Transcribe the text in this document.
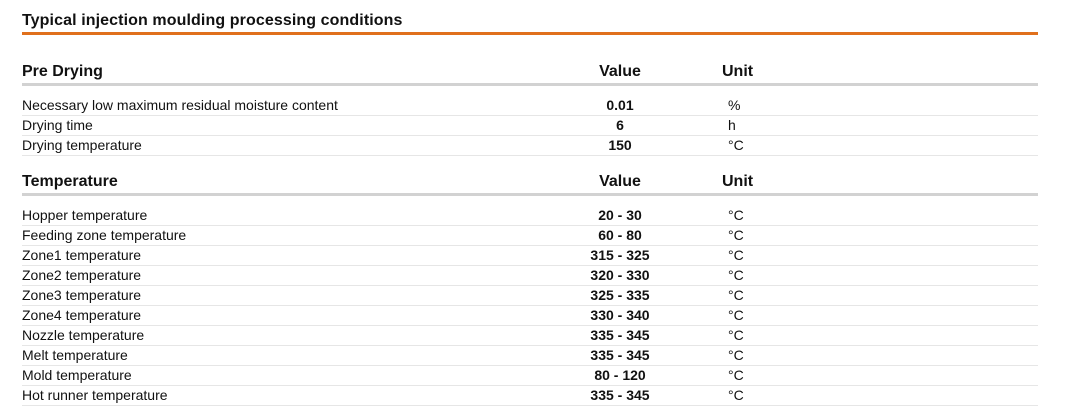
Typical injection moulding processing conditions
Pre Drying	Value	Unit
Necessary low maximum residual moisture content	0.01	%
Drying time	6	h
Drying temperature	150	°C
Temperature	Value	Unit
Hopper temperature	20 - 30	°C
Feeding zone temperature	60 - 80	°C
Zone1 temperature	315 - 325	°C
Zone2 temperature	320 - 330	°C
Zone3 temperature	325 - 335	°C
Zone4 temperature	330 - 340	°C
Nozzle temperature	335 - 345	°C
Melt temperature	335 - 345	°C
Mold temperature	80 - 120	°C
Hot runner temperature	335 - 345	°C
